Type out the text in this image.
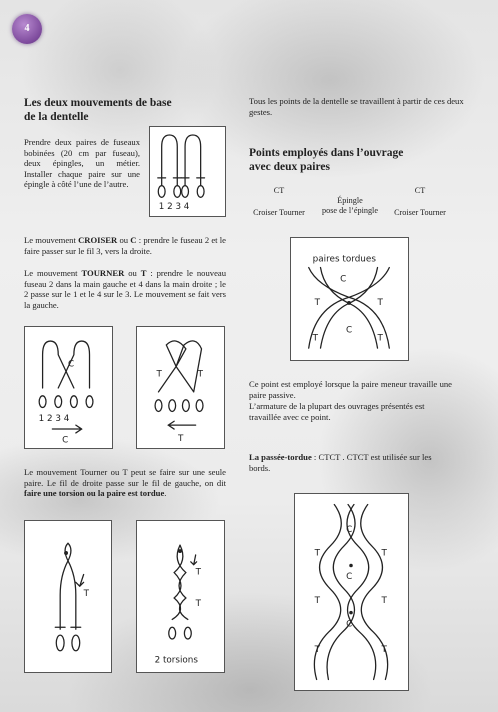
4
Les deux mouvements de base
de la dentelle

Prendre deux paires de fuseaux bobinées (20 cm par fuseau), deux épingles, un métier. Installer chaque paire sur une épingle à côté l’une de l’autre.

1 2 3 4

Le mouvement CROISER ou C : prendre le fuseau 2 et le faire passer sur le fil 3, vers la droite.

Le mouvement TOURNER ou T : prendre le nouveau fuseau 2 dans la main gauche et 4 dans la main droite ; le 2 passe sur le 1 et le 4 sur le 3. Le mouvement se fait vers la gauche.

C
1 2 3 4
C
T	T
T

Le mouvement Tourner ou T peut se faire sur une seule paire. Le fil de droite passe sur le fil de gauche, on dit faire une torsion ou la paire est tordue.

T
T
T
2 torsions

Tous les points de la dentelle se travaillent à partir de ces deux gestes.

Points employés dans l’ouvrage
avec deux paires
CT
Croiser Tourner
Épingle
pose de l’épingle
CT
Croiser Tourner
paires tordues
C
C
T	T
T	T

Ce point est employé lorsque la paire meneur travaille une paire passive.

L’armature de la plupart des ouvrages présentés est travaillée avec ce point.

La passée-tordue : CTCT . CTCT est utilisée sur les bords.

C
C
C
T	T
T	T
T	T
